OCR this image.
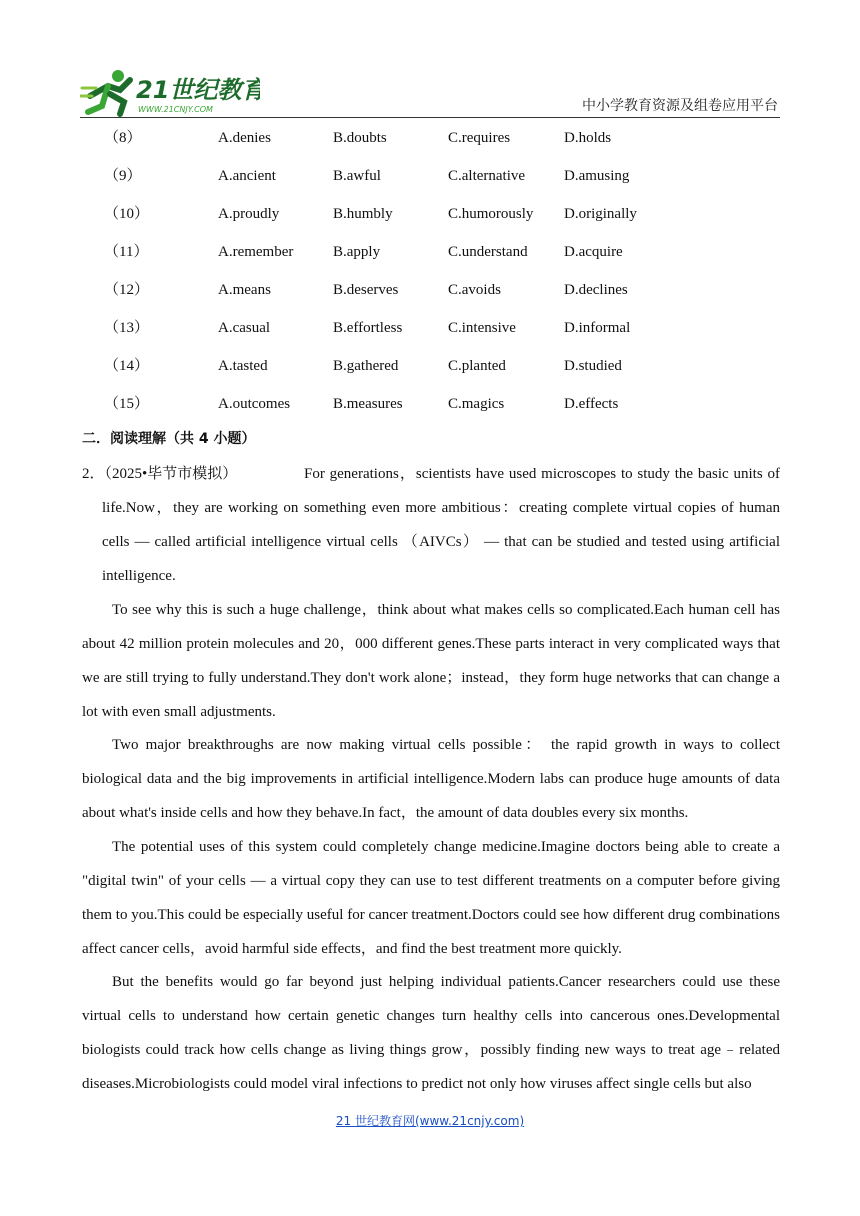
21世纪教育
WWW.21CNJY.COM	中小学教育资源及组卷应用平台
（8）	A.denies	B.doubts	C.requires	D.holds
（9）	A.ancient	B.awful	C.alternative	D.amusing
（10）	A.proudly	B.humbly	C.humorously D.originally
（11）	A.remember	B.apply	C.understand D.acquire
（12）	A.means	B.deserves	C.avoids	D.declines
（13）	A.casual	B.effortless	C.intensive	D.informal
（14）	A.tasted	B.gathered	C.planted	D.studied
（15）	A.outcomes	B.measures	C.magics	D.effects
二．阅读理解（共 4 小题）
2．（2025•毕节市模拟）	For generations，scientists have used microscopes to study the basic units of

life.Now，they are working on something even more ambitious：creating complete virtual copies of human cells — called artificial intelligence virtual cells （AIVCs） — that can be studied and tested using artificial intelligence.

To see why this is such a huge challenge，think about what makes cells so complicated.Each human cell has about 42 million protein molecules and 20，000 different genes.These parts interact in very complicated ways that we are still trying to fully understand.They don't work alone；instead，they form huge networks that can change a lot with even small adjustments.

Two major breakthroughs are now making virtual cells possible： the rapid growth in ways to collect biological data and the big improvements in artificial intelligence.Modern labs can produce huge amounts of data about what's inside cells and how they behave.In fact，the amount of data doubles every six months.

The potential uses of this system could completely change medicine.Imagine doctors being able to create a "digital twin" of your cells — a virtual copy they can use to test different treatments on a computer before giving them to you.This could be especially useful for cancer treatment.Doctors could see how different drug combinations affect cancer cells，avoid harmful side effects，and find the best treatment more quickly.

But the benefits would go far beyond just helping individual patients.Cancer researchers could use these virtual cells to understand how certain genetic changes turn healthy cells into cancerous ones.Developmental biologists could track how cells change as living things grow，possibly finding new ways to treat age﹣related diseases.Microbiologists could model viral infections to predict not only how viruses affect single cells but also

21 世纪教育网(www.21cnjy.com)
